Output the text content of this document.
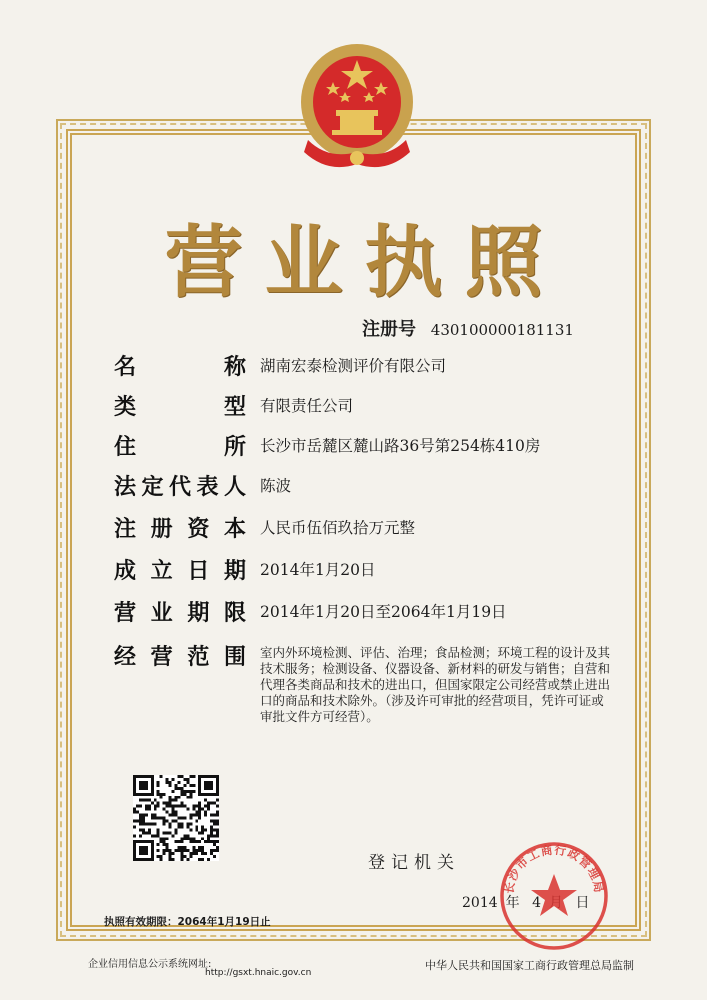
营业执照
注册号 430100000181131
名	称 湖南宏泰检测评价有限公司
类	型 有限责任公司
住	所 长沙市岳麓区麓山路36号第254栋410房
法 定 代 表 人 陈波
注 册 资 本 人民币伍佰玖拾万元整
成 立 日 期 2014年1月20日
营 业 期 限 2014年1月20日至2064年1月19日
经 营 范 围 室内外环境检测、评估、治理；食品检测；环境工程的设计及其技术服务；检测设备、仪器设备、新材料的研发与销售；自营和代理各类商品和技术的进出口，但国家限定公司经营或禁止进出口的商品和技术除外。（涉及许可审批的经营项目，凭许可证或审批文件方可经营）。
登记机关
2014 年 4 日
长沙市工商行政管理局
执照有效期限：2064年1月19日止
企业信用信息公示系统网址:
http://gsxt.hnaic.gov.cn
中华人民共和国国家工商行政管理总局监制
